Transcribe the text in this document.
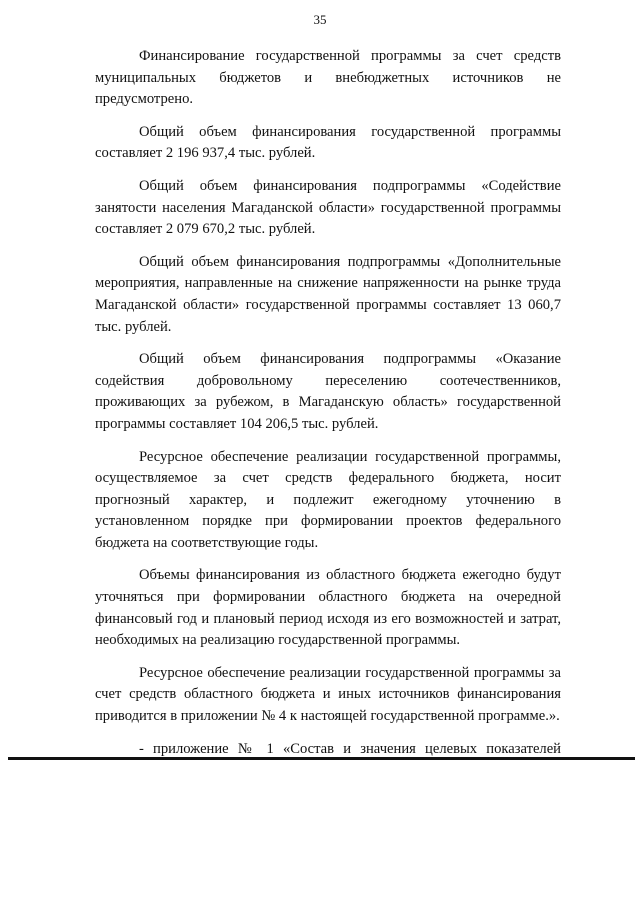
35

Финансирование государственной программы за счет средств муниципальных бюджетов и внебюджетных источников не предусмотрено.

Общий объем финансирования государственной программы составляет 2 196 937,4 тыс. рублей.

Общий объем финансирования подпрограммы «Содействие занятости населения Магаданской области» государственной программы составляет 2 079 670,2 тыс. рублей.

Общий объем финансирования подпрограммы «Дополнительные мероприятия, направленные на снижение напряженности на рынке труда Магаданской области» государственной программы составляет 13 060,7 тыс. рублей.

Общий объем финансирования подпрограммы «Оказание содействия добровольному переселению соотечественников, проживающих за рубежом, в Магаданскую область» государственной программы составляет 104 206,5 тыс. рублей.

Ресурсное обеспечение реализации государственной программы, осуществляемое за счет средств федерального бюджета, носит прогнозный характер, и подлежит ежегодному уточнению в установленном порядке при формировании проектов федерального бюджета на соответствующие годы.

Объемы финансирования из областного бюджета ежегодно будут уточняться при формировании областного бюджета на очередной финансовый год и плановый период исходя из его возможностей и затрат, необходимых на реализацию государственной программы.

Ресурсное обеспечение реализации государственной программы за счет средств областного бюджета и иных источников финансирования приводится в приложении № 4 к настоящей государственной программе.».

- приложение № 1 «Состав и значения целевых показателей
